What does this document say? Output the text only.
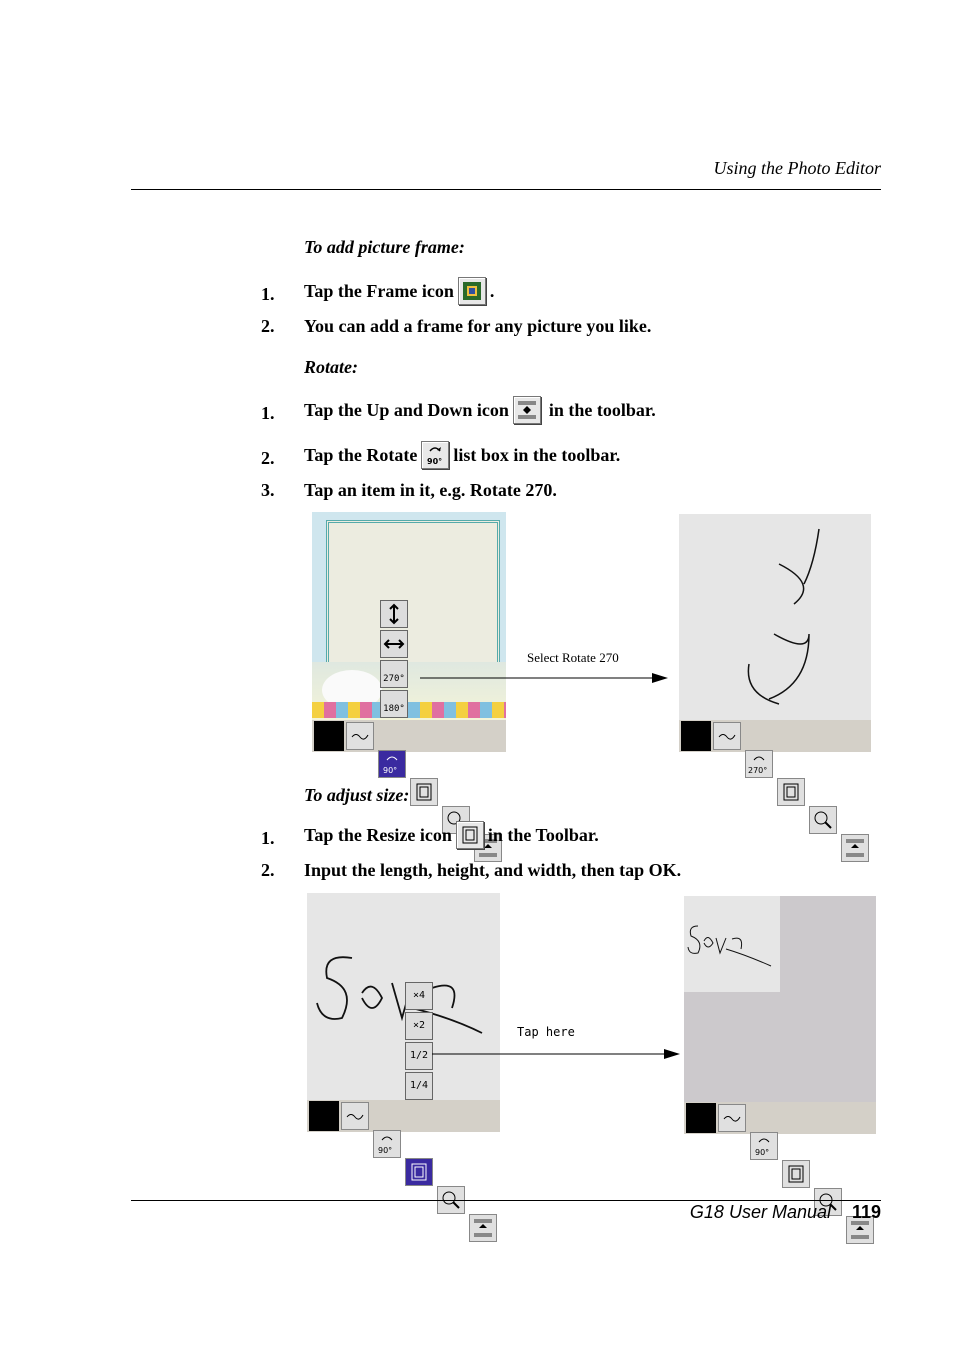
Using the Photo Editor
To add picture frame:
1. Tap the Frame icon .
2. You can add a frame for any picture you like.
Rotate:
1. Tap the Up and Down icon in the toolbar.
2. Tap the Rotate 90° list box in the toolbar.
3. Tap an item in it, e.g. Rotate 270.
90°
270°
180°
Select Rotate 270
270°
To adjust size:
1. Tap the Resize icon in the Toolbar.
2. Input the length, height, and width, then tap OK.
×4
×2
1/2
1/4
90°
Tap here
90°
G18 User Manual 119
